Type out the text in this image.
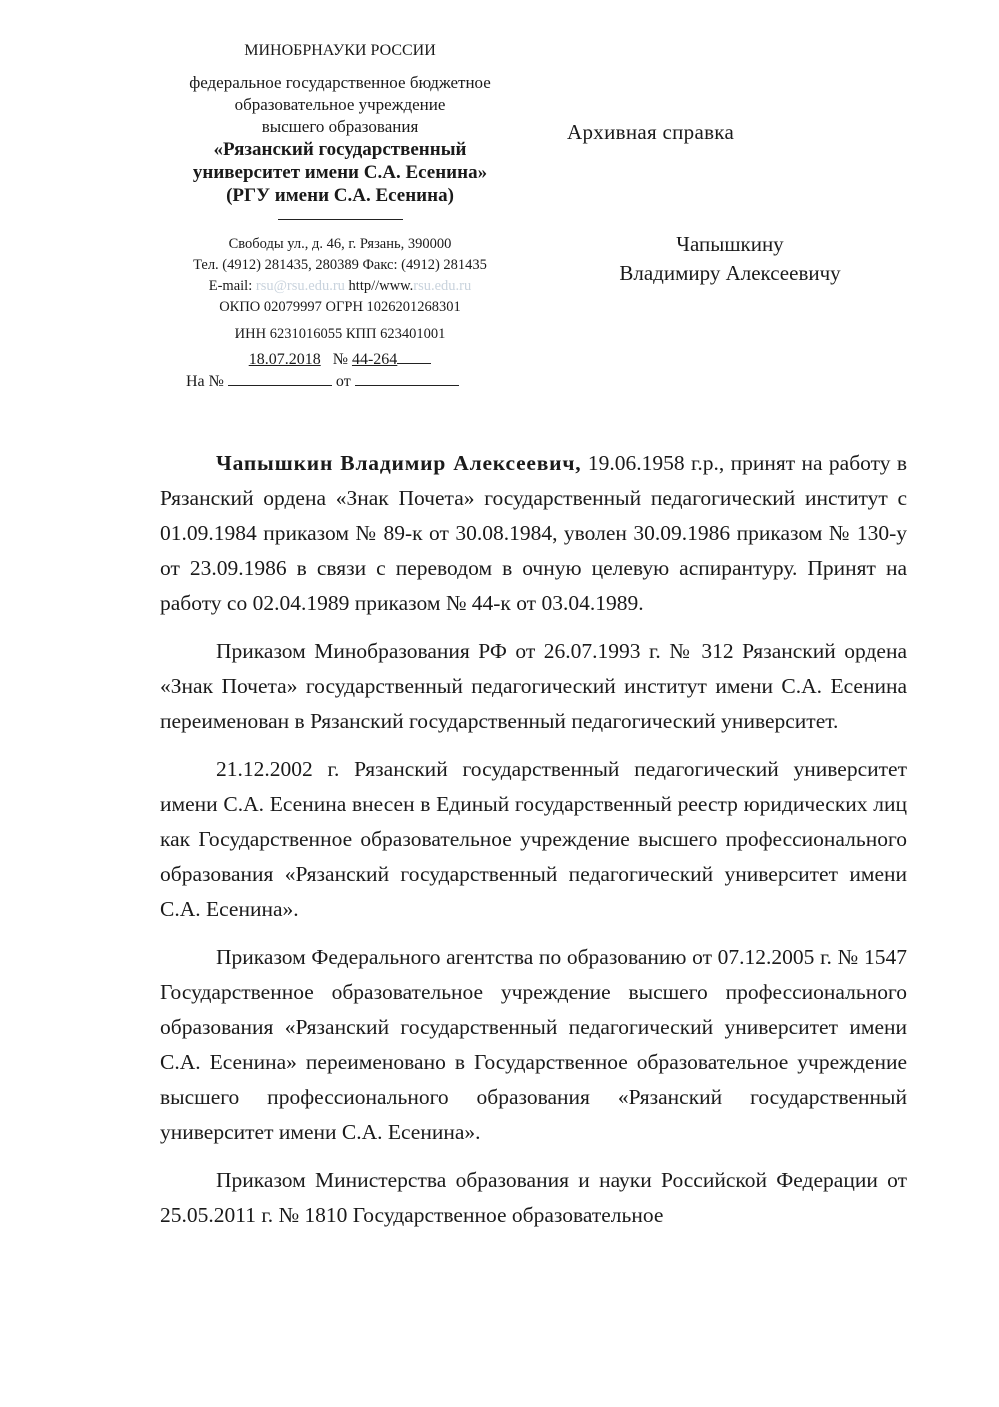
МИНОБРНАУКИ РОССИИ
федеральное государственное бюджетное
образовательное учреждение
высшего образования
«Рязанский государственный
университет имени С.А. Есенина»
(РГУ имени С.А. Есенина)
Свободы ул., д. 46, г. Рязань, 390000
Тел. (4912) 281435, 280389 Факс: (4912) 281435
E-mail: rsu@rsu.edu.ru http//www.rsu.edu.ru
ОКПО 02079997 ОГРН 1026201268301
ИНН 6231016055 КПП 623401001
18.07.2018 № 44-264
На №	от
Архивная справка
Чапышкину
Владимиру Алексеевичу

Чапышкин Владимир Алексеевич, 19.06.1958 г.р., принят на работу в Рязанский ордена «Знак Почета» государственный педагогический институт с 01.09.1984 приказом № 89-к от 30.08.1984, уволен 30.09.1986 приказом № 130-у от 23.09.1986 в связи с переводом в очную целевую аспирантуру. Принят на работу со 02.04.1989 приказом № 44-к от 03.04.1989.

Приказом Минобразования РФ от 26.07.1993 г. № 312 Рязанский ордена «Знак Почета» государственный педагогический институт имени С.А. Есенина переименован в Рязанский государственный педагогический университет.

21.12.2002 г. Рязанский государственный педагогический университет имени С.А. Есенина внесен в Единый государственный реестр юридических лиц как Государственное образовательное учреждение высшего профессионального образования «Рязанский государственный педагогический университет имени С.А. Есенина».

Приказом Федерального агентства по образованию от 07.12.2005 г. № 1547 Государственное образовательное учреждение высшего профессионального образования «Рязанский государственный педагогический университет имени С.А. Есенина» переименовано в Государственное образовательное учреждение высшего профессионального образования «Рязанский государственный университет имени С.А. Есенина».

Приказом Министерства образования и науки Российской Федерации от 25.05.2011 г. № 1810 Государственное образовательное
